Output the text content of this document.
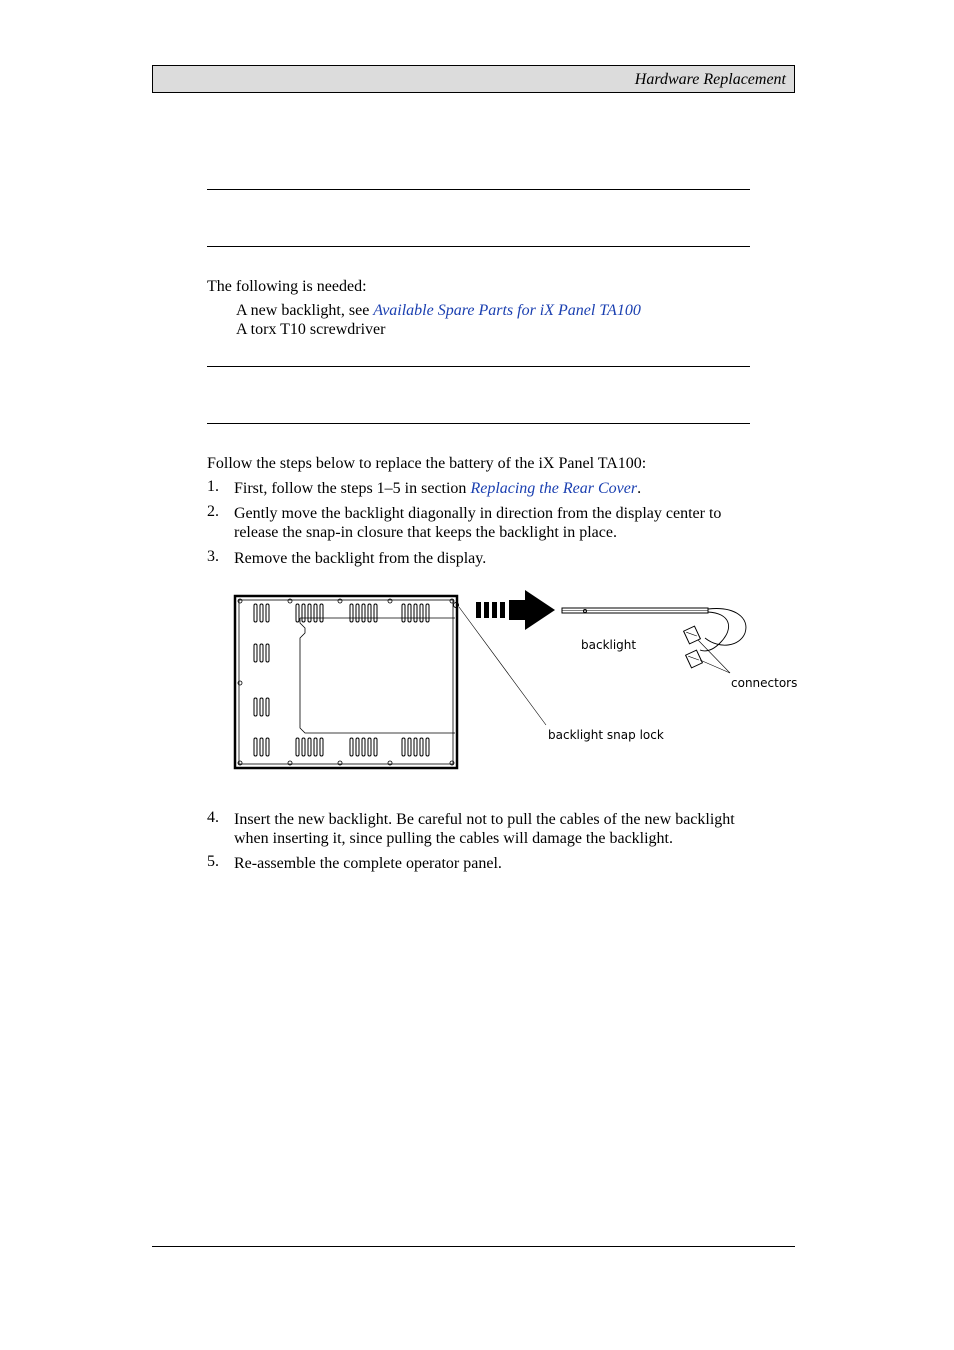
Hardware Replacement
The following is needed:
A new backlight, see Available Spare Parts for iX Panel TA100
A torx T10 screwdriver
Follow the steps below to replace the battery of the iX Panel TA100:
1. First, follow the steps 1–5 in section Replacing the Rear Cover.
2. Gently move the backlight diagonally in direction from the display center to
release the snap-in closure that keeps the backlight in place.
3. Remove the backlight from the display.
backlight
connectors
backlight snap lock
4. Insert the new backlight. Be careful not to pull the cables of the new backlight
when inserting it, since pulling the cables will damage the backlight.
5. Re-assemble the complete operator panel.
